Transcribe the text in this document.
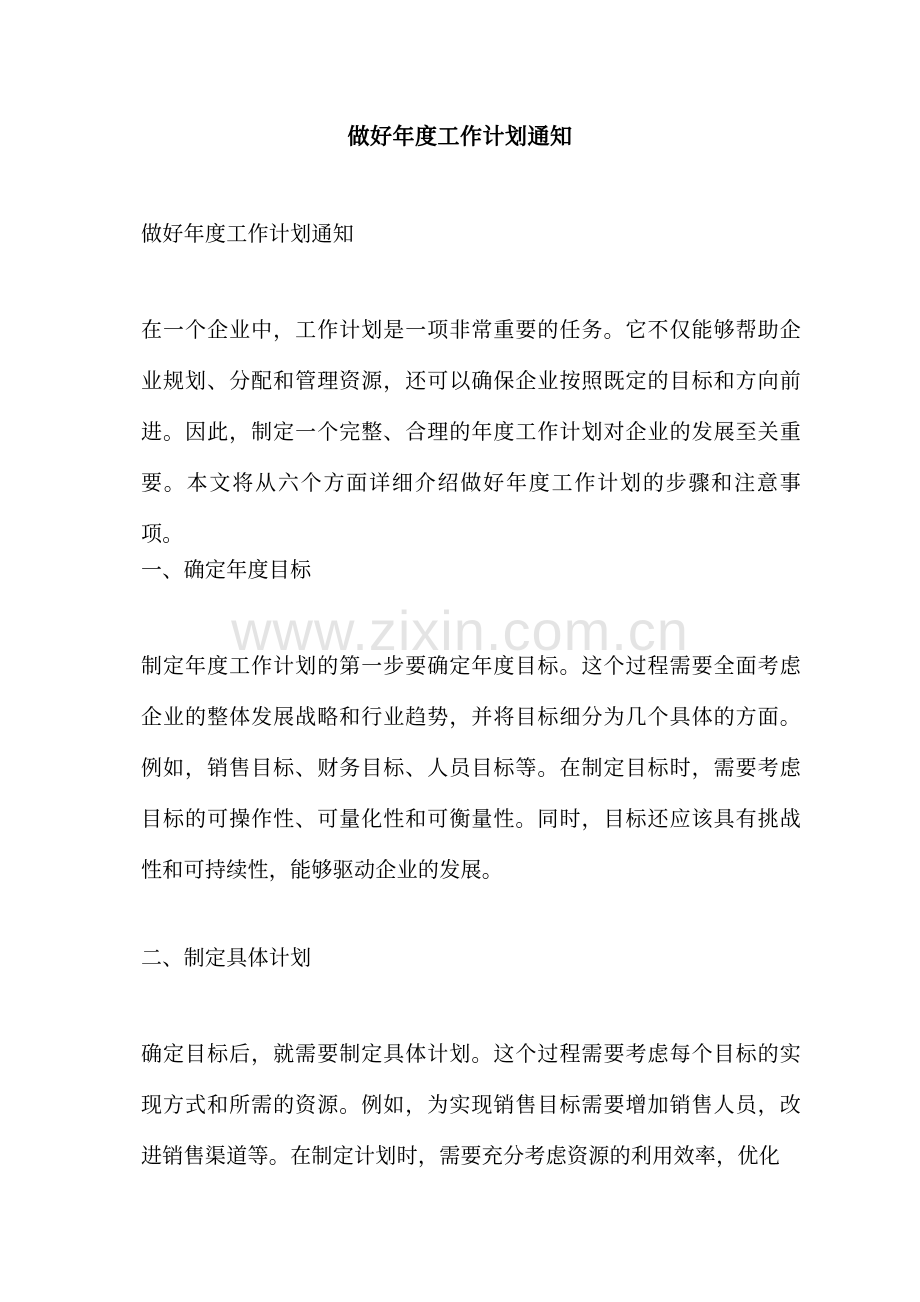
做好年度工作计划通知
做好年度工作计划通知
在一个企业中，工作计划是一项非常重要的任务。它不仅能够帮助企业规划、分配和管理资源，还可以确保企业按照既定的目标和方向前进。因此，制定一个完整、合理的年度工作计划对企业的发展至关重要。本文将从六个方面详细介绍做好年度工作计划的步骤和注意事项。
一、确定年度目标
制定年度工作计划的第一步要确定年度目标。这个过程需要全面考虑企业的整体发展战略和行业趋势，并将目标细分为几个具体的方面。例如，销售目标、财务目标、人员目标等。在制定目标时，需要考虑目标的可操作性、可量化性和可衡量性。同时，目标还应该具有挑战性和可持续性，能够驱动企业的发展。
二、制定具体计划
确定目标后，就需要制定具体计划。这个过程需要考虑每个目标的实现方式和所需的资源。例如，为实现销售目标需要增加销售人员，改进销售渠道等。在制定计划时，需要充分考虑资源的利用效率，优化
www.zixin.com.cn
